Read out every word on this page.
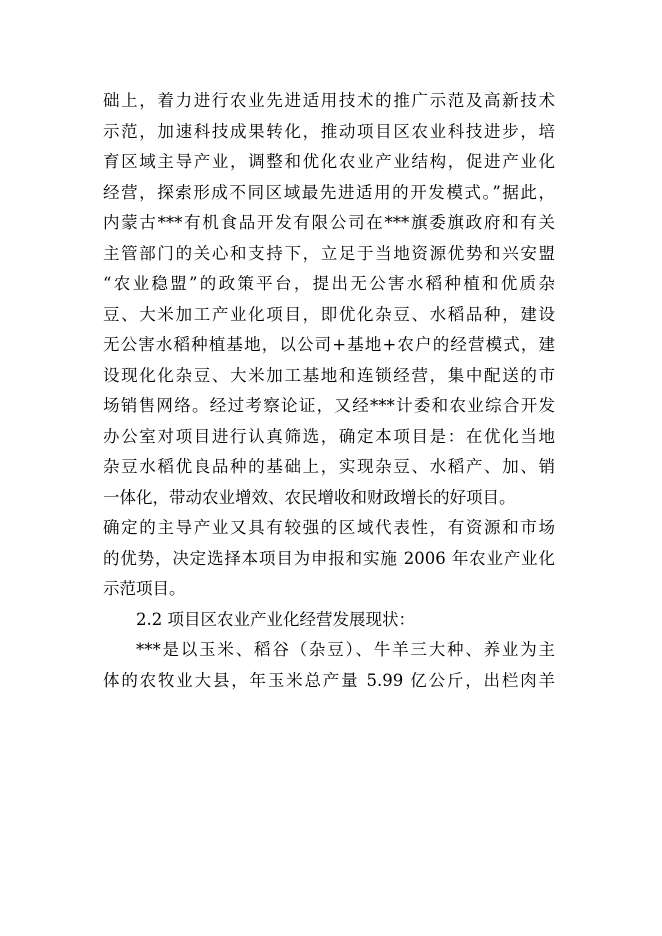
础上，着力进行农业先进适用技术的推广示范及高新技术
示范，加速科技成果转化，推动项目区农业科技进步，培
育区域主导产业，调整和优化农业产业结构，促进产业化
经营，探索形成不同区域最先进适用的开发模式。”据此，
内蒙古***有机食品开发有限公司在***旗委旗政府和有关
主管部门的关心和支持下，立足于当地资源优势和兴安盟
“农业稳盟”的政策平台，提出无公害水稻种植和优质杂
豆、大米加工产业化项目，即优化杂豆、水稻品种，建设
无公害水稻种植基地，以公司+基地+农户的经营模式，建
设现化化杂豆、大米加工基地和连锁经营，集中配送的市
场销售网络。经过考察论证，又经***计委和农业综合开发
办公室对项目进行认真筛选，确定本项目是：在优化当地
杂豆水稻优良品种的基础上，实现杂豆、水稻产、加、销
一体化，带动农业增效、农民增收和财政增长的好项目。
确定的主导产业又具有较强的区域代表性，有资源和市场
的优势，决定选择本项目为申报和实施 2006 年农业产业化
示范项目。
2.2 项目区农业产业化经营发展现状：
***是以玉米、稻谷（杂豆）、牛羊三大种、养业为主
体的农牧业大县，年玉米总产量 5.99 亿公斤，出栏肉羊
